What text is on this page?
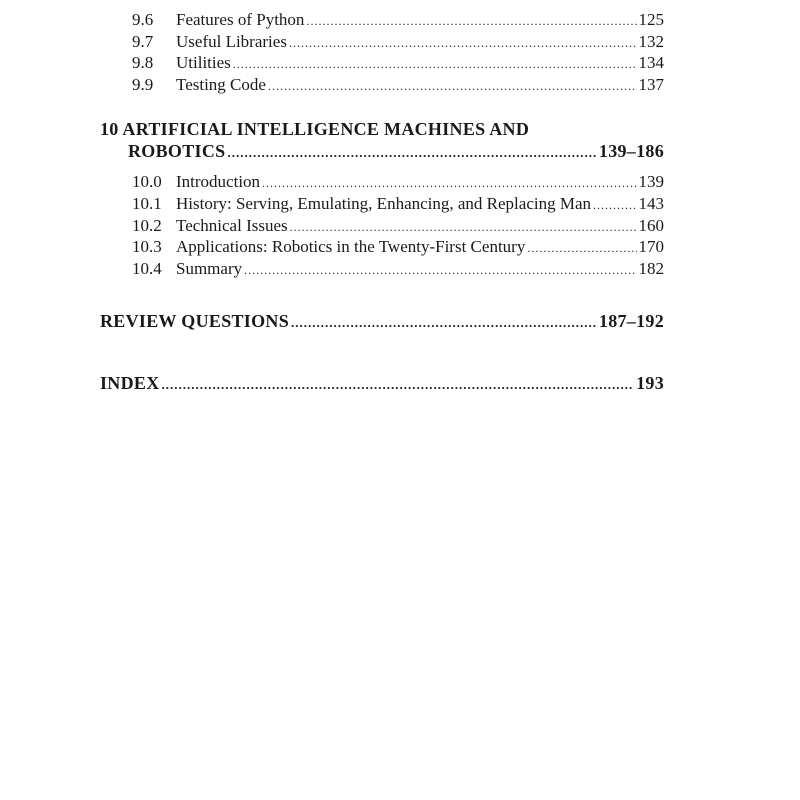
9.6	Features of Python .....	125
9.7	Useful Libraries .....	132
9.8	Utilities .....	134
9.9	Testing Code .....	137
10 ARTIFICIAL INTELLIGENCE MACHINES AND
ROBOTICS .....	139–186
10.0 Introduction .....	139
10.1 History: Serving, Emulating, Enhancing, and Replacing Man .....	143
10.2 Technical Issues .....	160
10.3 Applications: Robotics in the Twenty-First Century .....	170
10.4 Summary .....	182
REVIEW QUESTIONS .....	187–192
INDEX .....	193
